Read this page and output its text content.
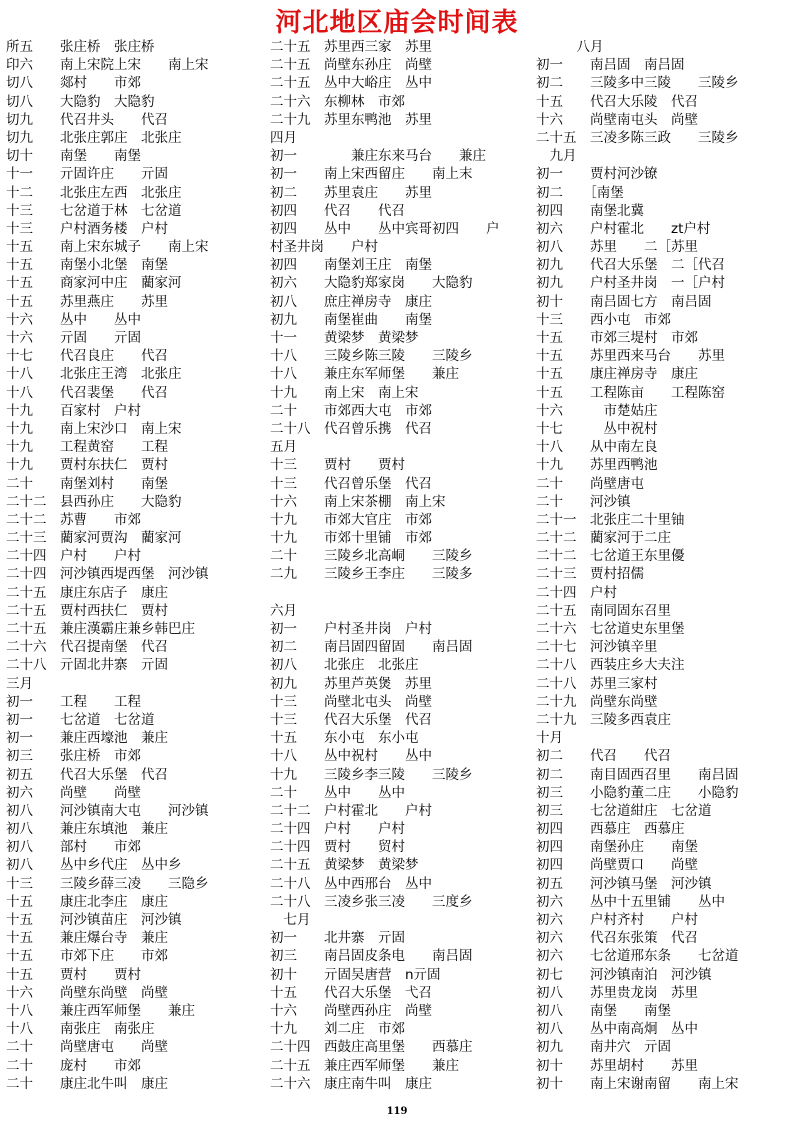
河北地区庙会时间表
所五　　张庄桥　张庄桥
印六　　南上宋院上宋　　南上宋
切八　　郯村　　市郊
切八　　大隐豹　大隐豹
切九　　代召井头　　代召
切九　　北张庄郭庄　北张庄
切十　　南堡　　南堡
十一　　亓固许庄　　亓固
十二　　北张庄左西　北张庄
十三　　七岔道于林　七岔道
十三　　户村酒务楼　户村
十五　　南上宋东城子　　南上宋
十五　　南堡小北堡　南堡
十五　　商家河中庄　藺家河
十五　　苏里燕庄　　苏里
十六　　丛中　　丛中
十六　　亓固　　亓固
十七　　代召良庄　　代召
十八　　北张庄王湾　北张庄
十八　　代召裴堡　　代召
十九　　百家村　户村
十九　　南上宋沙口　南上宋
十九　　工程黄窑　　工程
十九　　贾村东扶仁　贾村
二十　　南堡刘村　　南堡
二十二　县西孙庄　　大隐豹
二十二　苏曹　　市郊
二十三　藺家河贾沟　藺家河
二十四　户村　　户村
二十四　河沙镇西堤西堡　河沙镇
二十五　康庄东店子　康庄
二十五　贾村西扶仁　贾村
二十五　兼庄漢霸庄兼乡韩巴庄
二十六　代召提南堡　代召
二十八　亓固北井寨　亓固
三月
初一　　工程　　工程
初一　　七岔道　七岔道
初一　　兼庄西壕池　兼庄
初三　　张庄桥　市郊
初五　　代召大乐堡　代召
初六　　尚壁　　尚壁
初八　　河沙镇南大屯　　河沙镇
初八　　兼庄东填池　兼庄
初八　　部村　　市郊
初八　　丛中乡代庄　丛中乡
十三　　三陵乡薛三凌　　三隐乡
十五　　康庄北李庄　康庄
十五　　河沙镇苗庄　河沙镇
十五　　兼庄爆台寺　兼庄
十五　　市郊下庄　　市郊
十五　　贾村　　贾村
十六　　尚壁东尚壁　尚壁
十八　　兼庄西军师堡　　兼庄
十八　　南张庄　南张庄
二十　　尚壁唐屯　　尚壁
二十　　庞村　　市郊
二十　　康庄北牛叫　康庄
二十五　苏里西三家　苏里
二十五　尚壁东孙庄　尚壁
二十五　丛中大峪庄　丛中
二十六　东柳林　市郊
二十九　苏里东鸭池　苏里
四月
初一　　　　兼庄东来马台　　兼庄
初一　　南上宋西留庄　　南上末
初二　　苏里袁庄　　苏里
初四　　代召　　代召
初四　　丛中　　丛中宾哥初四　　户
村圣井岗　　户村
初四　　南堡刘王庄　南堡
初六　　大隐豹郑家岗　　大隐豹
初八　　庶庄禅房寺　康庄
初九　　南堡崔曲　　南堡
十一　　黄梁梦　黄梁梦
十八　　三陵乡陈三陵　　三陵乡
十八　　兼庄东军师堡　　兼庄
十九　　南上宋　南上宋
二十　　市郊西大屯　市郊
二十八　代召曾乐携　代召
五月
十三　　贾村　　贾村
十三　　代召曾乐堡　代召
十六　　南上宋茶棚　南上宋
十九　　市郊大官庄　市郊
十九　　市郊十里铺　市郊
二十　　三陵乡北高峒　　三陵乡
二九　　三陵乡王李庄　　三陵多
六月
初一　　户村圣井岗　户村
初二　　南吕固四留固　　南吕固
初八　　北张庄　北张庄
初九　　苏里芦英煲　苏里
十三　　尚壁北屯头　尚壁
十三　　代召大乐堡　代召
十五　　东小屯　东小屯
十八　　丛中祝村　　丛中
十九　　三陵乡李三陵　　三陵乡
二十　　丛中　　丛中
二十二　户村霍北　　户村
二十四　户村　　户村
二十四　贾村　　贸村
二十五　黄梁梦　黄梁梦
二十八　丛中西邢台　丛中
二十八　三凌乡张三凌　　三度乡
　七月
初一　　北井寨　亓固
初三　　南吕固皮条电　　南吕固
初十　　亓固吴唐营　n亓固
十五　　代召大乐堡　弋召
十六　　尚壁西孙庄　尚壁
十九　　刘二庄　市郊
二十四　西鼓庄高里堡　　西慕庄
二十五　兼庄西军师堡　　兼庄
二十六　康庄南牛叫　康庄
　　　八月
初一　　南吕固　南吕固
初二　　三陵多中三陵　　三陵乡
十五　　代召大乐陵　代召
十六　　尚壁南屯头　尚壁
二十五　三凌多陈三政　　三陵乡
　九月
初一　　贾村河沙镣
初二　　［南堡
初四　　南堡北冀
初六　　户村霍北　　zt户村
初八　　苏里　　二［苏里
初九　　代召大乐堡　二［代召
初九　　户村圣井岗　一［户村
初十　　南吕固七方　南吕固
十三　　西小屯　市郊
十五　　市郊三堤村　市郊
十五　　苏里西来马台　　苏里
十五　　康庄禅房寺　康庄
十五　　工程陈亩　　工程陈窑
十六　　　市楚姑庄
十七　　　丛中祝村
十八　　从中南左良
十九　　苏里西鸭池
二十　　尚壁唐屯
二十　　河沙镇
二十一　北张庄二十里铀
二十二　藺家河于二庄
二十二　七岔道王东里優
二十三　贾村招儒
二十四　户村
二十五　南同固东召里
二十六　七岔道史东里堡
二十七　河沙镇辛里
二十八　西装庄乡大夫注
二十八　苏里三家村
二十九　尚壁东尚壁
二十九　三陵多西袁庄
十月
初二　　代召　　代召
初二　　南目固西召里　　南吕固
初三　　小隐豹董二庄　　小隐豹
初三　　七岔道紺庄　七岔道
初四　　西慕庄　西慕庄
初四　　南堡孙庄　　南堡
初四　　尚壁贾口　　尚壁
初五　　河沙镇马堡　河沙镇
初六　　丛中十五里铺　　丛中
初六　　户村齐村　　户村
初六　　代召东张策　代召
初六　　七岔道邢东条　　七岔道
初七　　河沙镇南泊　河沙镇
初八　　苏里贵龙岗　苏里
初八　　南堡　　南堡
初八　　丛中南高炯　丛中
初九　　南井穴　亓固
初十　　苏里胡村　　苏里
初十　　南上宋谢南留　　南上宋
119
